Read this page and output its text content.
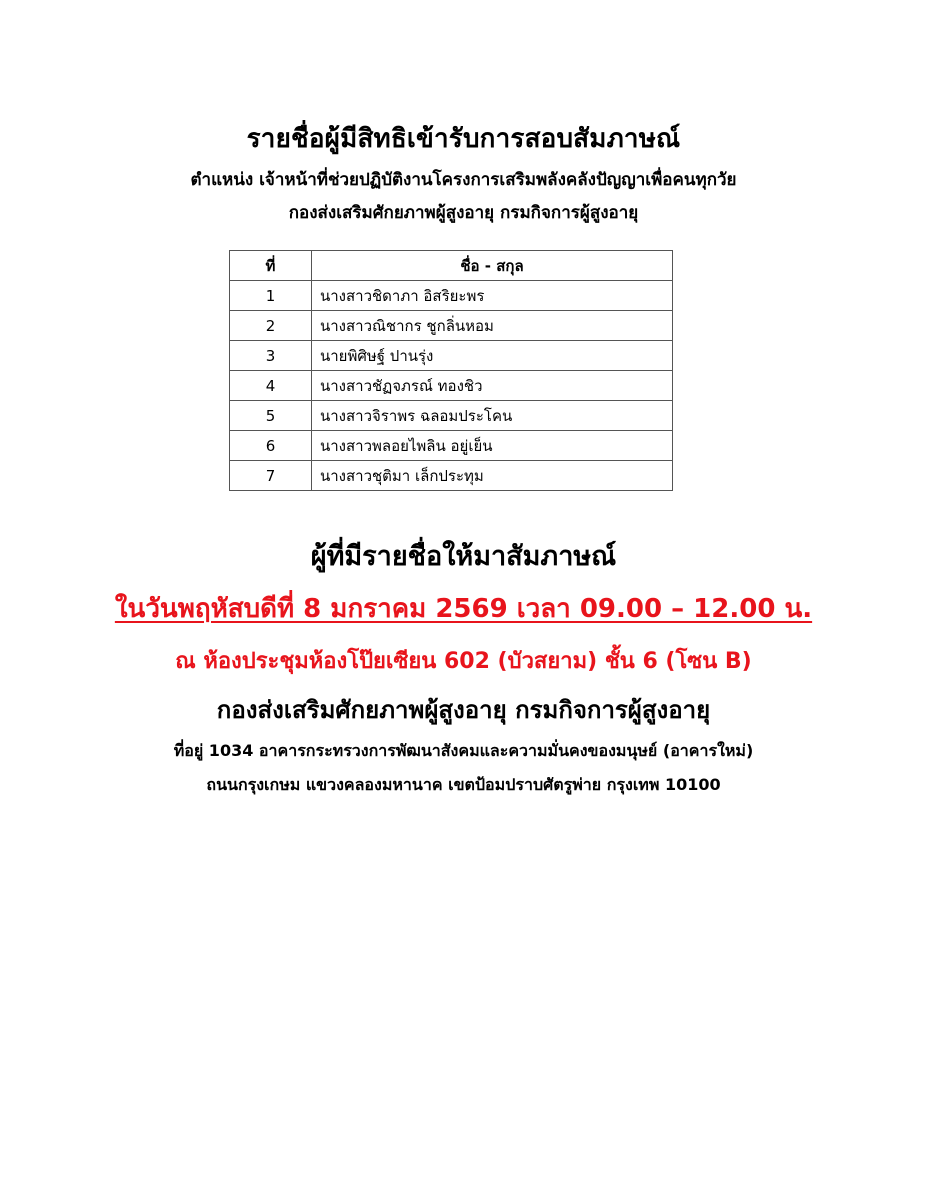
รายชื่อผู้มีสิทธิเข้ารับการสอบสัมภาษณ์
ตำแหน่ง เจ้าหน้าที่ช่วยปฏิบัติงานโครงการเสริมพลังคลังปัญญาเพื่อคนทุกวัย
กองส่งเสริมศักยภาพผู้สูงอายุ กรมกิจการผู้สูงอายุ
ที่	ชื่อ - สกุล
1	นางสาวชิดาภา อิสริยะพร
2	นางสาวณิชากร ชูกลิ่นหอม
3	นายพิศิษฐ์ ปานรุ่ง
4	นางสาวชัฏจภรณ์ ทองชิว
5	นางสาวจิราพร ฉลอมประโคน
6	นางสาวพลอยไพลิน อยู่เย็น
7	นางสาวชุติมา เล็กประทุม
ผู้ที่มีรายชื่อให้มาสัมภาษณ์
ในวันพฤหัสบดีที่ 8 มกราคม 2569 เวลา 09.00 – 12.00 น.
ณ ห้องประชุมห้องโป๊ยเซียน 602 (บัวสยาม) ชั้น 6 (โซน B)
กองส่งเสริมศักยภาพผู้สูงอายุ กรมกิจการผู้สูงอายุ
ที่อยู่ 1034 อาคารกระทรวงการพัฒนาสังคมและความมั่นคงของมนุษย์ (อาคารใหม่)
ถนนกรุงเกษม แขวงคลองมหานาค เขตป้อมปราบศัตรูพ่าย กรุงเทพ 10100
